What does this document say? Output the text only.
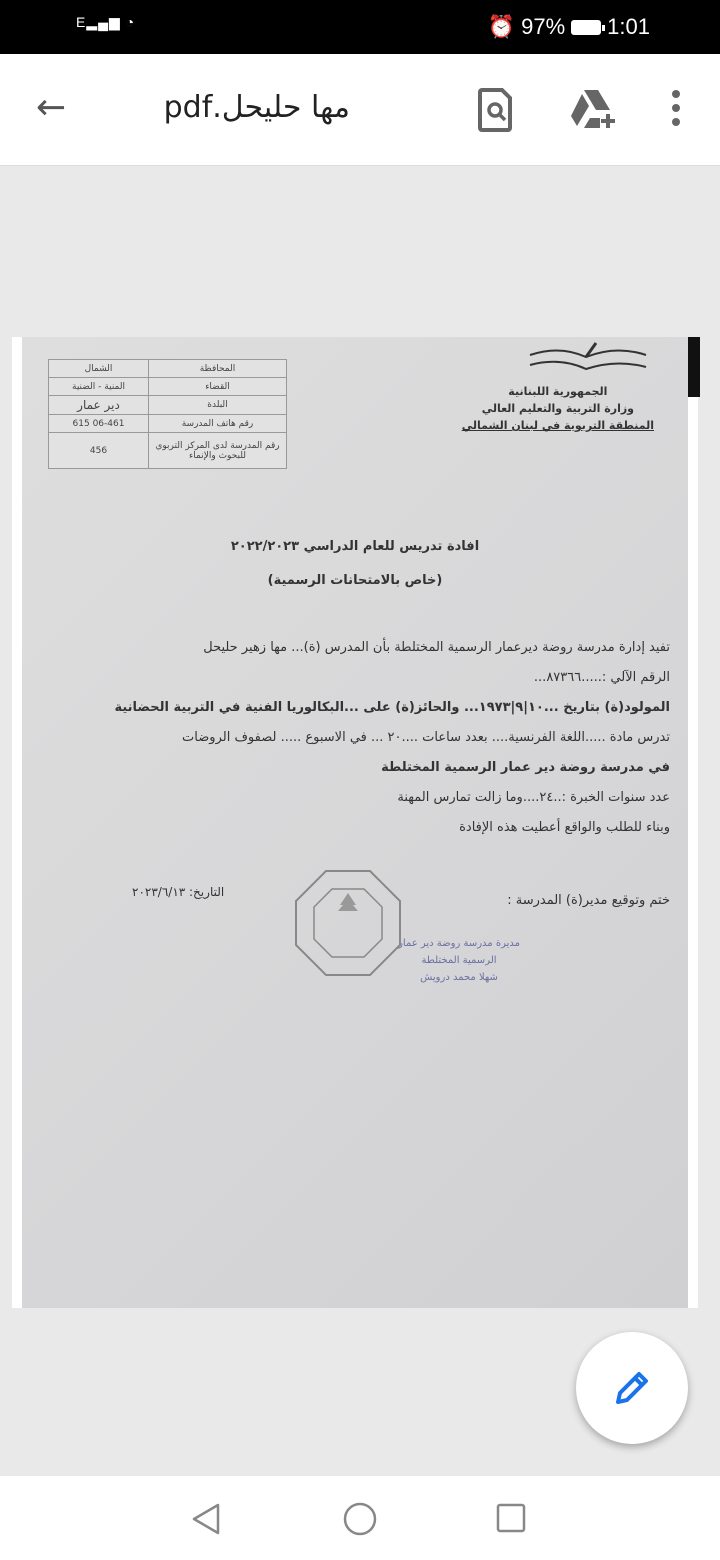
E▂▄▆ ◔	⏰ 97% 1:01
←	مها حليحل.pdf
الجمهورية اللبنانية
وزارة التربية والتعليم العالي
المنطقة التربوية في لبنان الشمالي
المحافظة	الشمال
القضاء	المنية - الضنية
البلدة	دير عمار
رقم هاتف المدرسة	06-461 615
رقم المدرسة لدى المركز التربوي للبحوث والإنماء	456
افادة تدريس للعام الدراسي ٢٠٢٢/٢٠٢٣
(خاص بالامتحانات الرسمية)
تفيد إدارة مدرسة روضة ديرعمار الرسمية المختلطة بأن المدرس (ة)... مها زهير حليحل
الرقم الآلي :.....٨٧٣٦٦...
المولود(ة) بتاريخ ...١٠|٩|١٩٧٣... والحائز(ة) على ...البكالوريا الفنية في التربية الحضانية
تدرس مادة .....اللغة الفرنسية.... بعدد ساعات ....٢٠ ... في الاسبوع ..... لصفوف الروضات
في مدرسة روضة دير عمار الرسمية المختلطة
عدد سنوات الخبرة :..٢٤....وما زالت تمارس المهنة
وبناء للطلب والواقع أعطيت هذه الإفادة
ختم وتوقيع مدير(ة) المدرسة :
التاريخ: ٢٠٢٣/٦/١٣
مديرة مدرسة روضة دير عمار
الرسمية المختلطة
شهلا محمد درويش
